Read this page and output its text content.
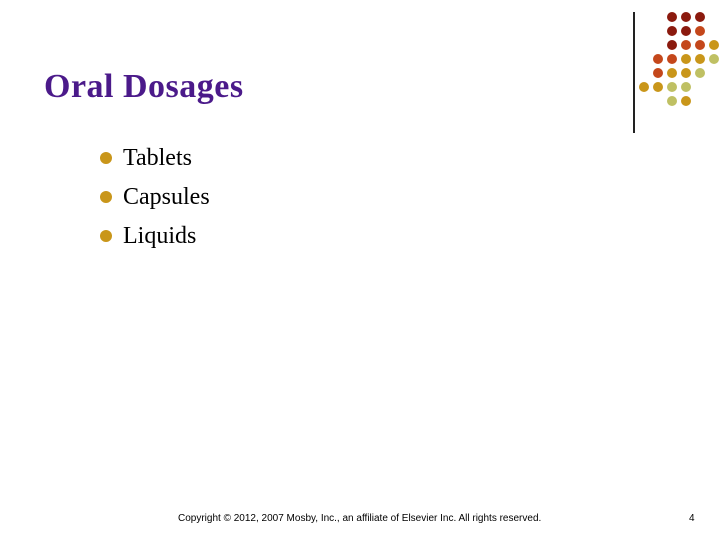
Oral Dosages
Tablets
Capsules
Liquids
Copyright © 2012, 2007 Mosby, Inc., an affiliate of Elsevier Inc. All rights reserved.	4
